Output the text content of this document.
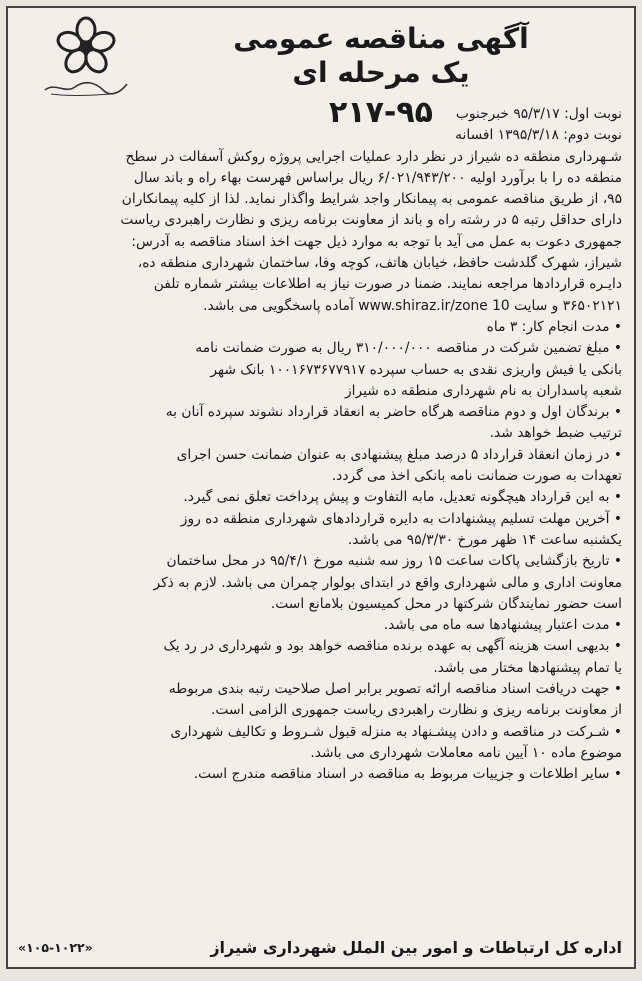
آگهی مناقصه عمومی یک مرحله ای
۲۱۷-۹۵	نوبت اول: ۹۵/۳/۱۷ خبرجنوب

نوبت دوم: ۱۳۹۵/۳/۱۸ افسانه

شـهرداری منطقه ده شیراز در نظر دارد عملیات اجرایی پروژه روکش آسفالت در سطح

منطقه ده را با برآورد اولیه ۶/۰۲۱/۹۴۳/۲۰۰ ریال براساس فهرست بهاء راه و باند سال

۹۵، از طریق مناقصه عمومی به پیمانکار واجد شرایط واگذار نماید. لذا از کلیه پیمانکاران

دارای حداقل رتبه ۵ در رشته راه و باند از معاونت برنامه ریزی و نظارت راهبردی ریاست

جمهوری دعوت به عمل می آید با توجه به موارد ذیل جهت اخذ اسناد مناقصه به آدرس:

شیراز، شهرک گلدشت حافظ، خیابان هاتف، کوچه وفا، ساختمان شهرداری منطقه ده،

دایـره قراردادها مراجعه نمایند. ضمنا در صورت نیاز به اطلاعات بیشتر شماره تلفن

۳۶۵۰۲۱۲۱ و سایت www.shiraz.ir/zone 10 آماده پاسخگویی می باشد.

• مدت انجام کار: ۳ ماه

• مبلغ تضمین شرکت در مناقصه ۳۱۰/۰۰۰/۰۰۰ ریال به صورت ضمانت نامه

بانکی یا فیش واریزی نقدی به حساب سپرده ۱۰۰۱۶۷۳۶۷۷۹۱۷ بانک شهر

شعبه پاسداران به نام شهرداری منطقه ده شیراز

• برندگان اول و دوم مناقصه هرگاه حاضر به انعقاد قرارداد نشوند سپرده آنان به

ترتیب ضبط خواهد شد.

• در زمان انعقاد قرارداد ۵ درصد مبلغ پیشنهادی به عنوان ضمانت حسن اجرای

تعهدات به صورت ضمانت نامه بانکی اخذ می گردد.

• به این قرارداد هیچگونه تعدیل، مابه التفاوت و پیش پرداخت تعلق نمی گیرد.

• آخرین مهلت تسلیم پیشنهادات به دایره قراردادهای شهرداری منطقه ده روز

یکشنبه ساعت ۱۴ ظهر مورخ ۹۵/۳/۳۰ می باشد.

• تاریخ بازگشایی پاکات ساعت ۱۵ روز سه شنبه مورخ ۹۵/۴/۱ در محل ساختمان

معاونت اداری و مالی شهرداری واقع در ابتدای بولوار چمران می باشد. لازم به ذکر

است حضور نمایندگان شرکتها در محل کمیسیون بلامانع است.

• مدت اعتبار پیشنهادها سه ماه می باشد.

• بدیهی است هزینه آگهی به عهده برنده مناقصه خواهد بود و شهرداری در رد یک

یا تمام پیشنهادها مختار می باشد.

• جهت دریافت اسناد مناقصه ارائه تصویر برابر اصل صلاحیت رتبه بندی مربوطه

از معاونت برنامه ریزی و نظارت راهبردی ریاست جمهوری الزامی است.

• شـرکت در مناقصه و دادن پیشـنهاد به منزله قبول شـروط و تکالیف شهرداری

موضوع ماده ۱۰ آیین نامه معاملات شهرداری می باشد.

• سایر اطلاعات و جزییات مربوط به مناقصه در اسناد مناقصه مندرج است.

اداره کل ارتباطات و امور بین الملل شهرداری شیراز
«۱۰۵-۱۰۲۲»
